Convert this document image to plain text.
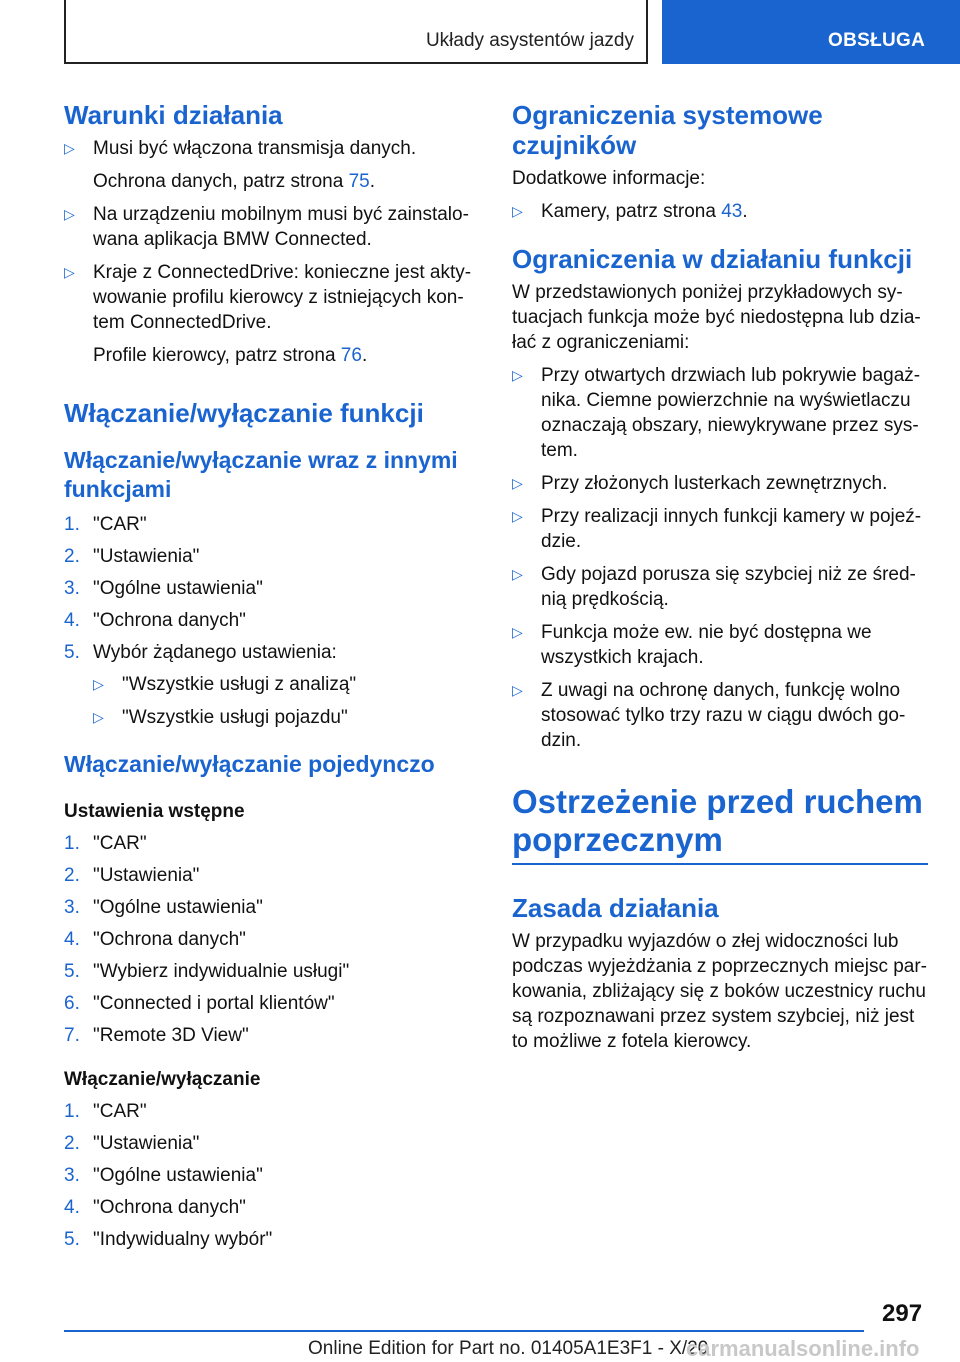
Układy asystentów jazdy	OBSŁUGA
Warunki działania
▷ Musi być włączona transmisja danych.
Ochrona danych, patrz strona 75.
▷ Na urządzeniu mobilnym musi być zainstalo-wana aplikacja BMW Connected.
▷ Kraje z ConnectedDrive: konieczne jest akty-wowanie profilu kierowcy z istniejących kon-tem ConnectedDrive.
Profile kierowcy, patrz strona 76.
Włączanie/wyłączanie funkcji
Włączanie/wyłączanie wraz z innymi funkcjami
1. "CAR"
2. "Ustawienia"
3. "Ogólne ustawienia"
4. "Ochrona danych"
5. Wybór żądanego ustawienia:
▷ "Wszystkie usługi z analizą"
▷ "Wszystkie usługi pojazdu"
Włączanie/wyłączanie pojedynczo
Ustawienia wstępne
1. "CAR"
2. "Ustawienia"
3. "Ogólne ustawienia"
4. "Ochrona danych"
5. "Wybierz indywidualnie usługi"
6. "Connected i portal klientów"
7. "Remote 3D View"
Włączanie/wyłączanie
1. "CAR"
2. "Ustawienia"
3. "Ogólne ustawienia"
4. "Ochrona danych"
5. "Indywidualny wybór"
Ograniczenia systemowe czujników

Dodatkowe informacje:

▷ Kamery, patrz strona 43.
Ograniczenia w działaniu funkcji

W przedstawionych poniżej przykładowych sy-tuacjach funkcja może być niedostępna lub dzia-łać z ograniczeniami:

▷ Przy otwartych drzwiach lub pokrywie bagaż-nika. Ciemne powierzchnie na wyświetlaczu oznaczają obszary, niewykrywane przez sys-tem.
▷ Przy złożonych lusterkach zewnętrznych.
▷ Przy realizacji innych funkcji kamery w pojeź-dzie.
▷ Gdy pojazd porusza się szybciej niż ze śred-nią prędkością.
▷ Funkcja może ew. nie być dostępna we wszystkich krajach.
▷ Z uwagi na ochronę danych, funkcję wolno stosować tylko trzy razu w ciągu dwóch go-dzin.
Ostrzeżenie przed ruchem poprzecznym
Zasada działania

W przypadku wyjazdów o złej widoczności lub podczas wyjeżdżania z poprzecznych miejsc par-kowania, zbliżający się z boków uczestnicy ruchu są rozpoznawani przez system szybciej, niż jest to możliwe z fotela kierowcy.

297
Online Edition for Part no. 01405A1E3F1 - X/20
carmanualsonline.info
